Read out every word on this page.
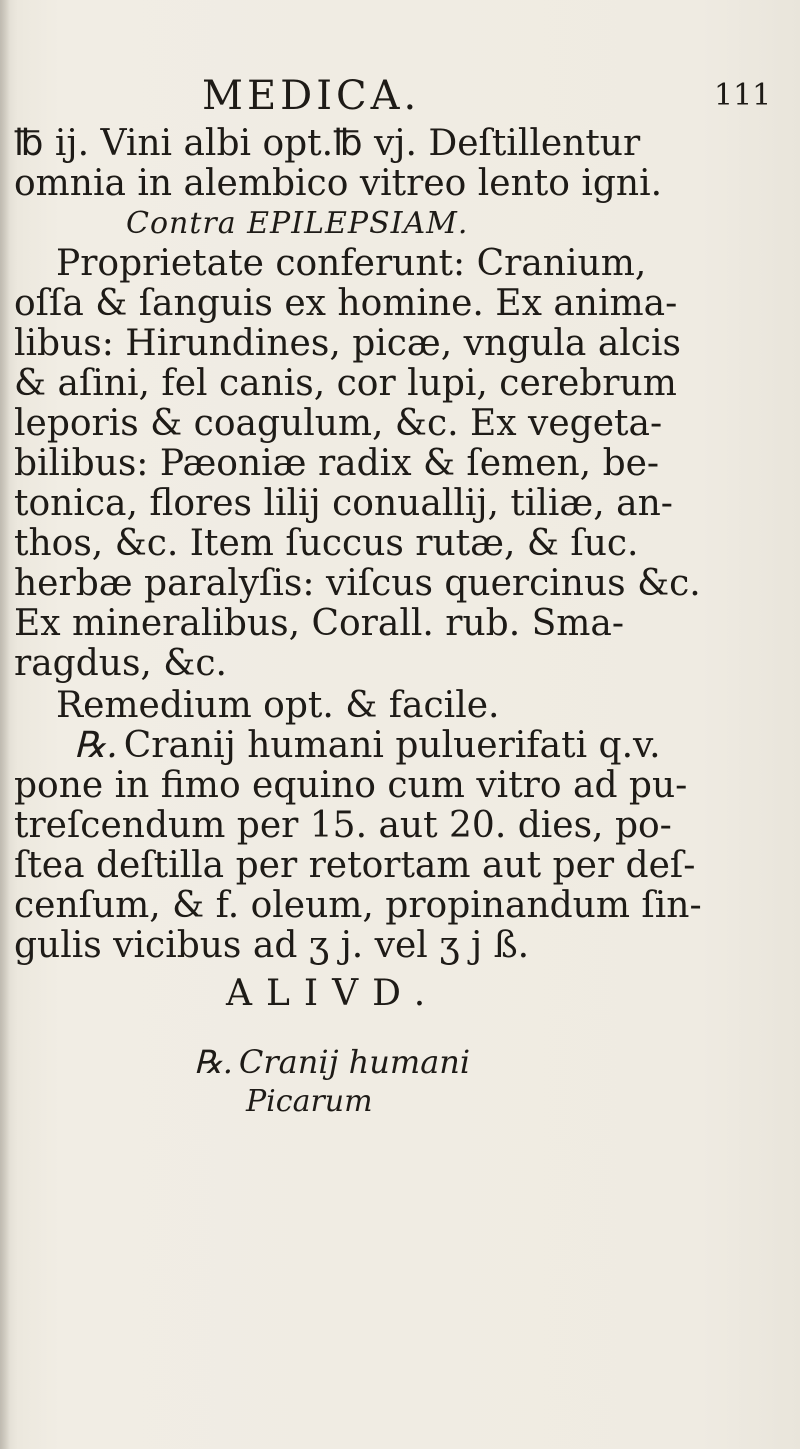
MEDICA.	111
℔ ij. Vini albi opt.℔ vj. Deſtillentur
omnia in alembico vitreo lento igni.
Contra EPILEPSIAM.
Proprietate conferunt: Cranium,
oſſa & ſanguis ex homine. Ex anima-
libus: Hirundines, picæ, vngula alcis
& aſini, fel canis, cor lupi, cerebrum
leporis & coagulum, &c. Ex vegeta-
bilibus: Pæoniæ radix & ſemen, be-
tonica, flores lilij conuallij, tiliæ, an-
thos, &c. Item ſuccus rutæ, & ſuc.
herbæ paralyſis: viſcus quercinus &c.
Ex mineralibus, Corall. rub. Sma-
ragdus, &c.
Remedium opt. & facile.
℞. Cranij humani puluerifati q.v.
pone in fimo equino cum vitro ad pu-
treſcendum per 15. aut 20. dies, po-
ſtea deſtilla per retortam aut per deſ-
cenſum, & f. oleum, propinandum ſin-
gulis vicibus ad ʒ j. vel ʒ j ß.
ALIVD.
℞. Cranij humani
Picarum
